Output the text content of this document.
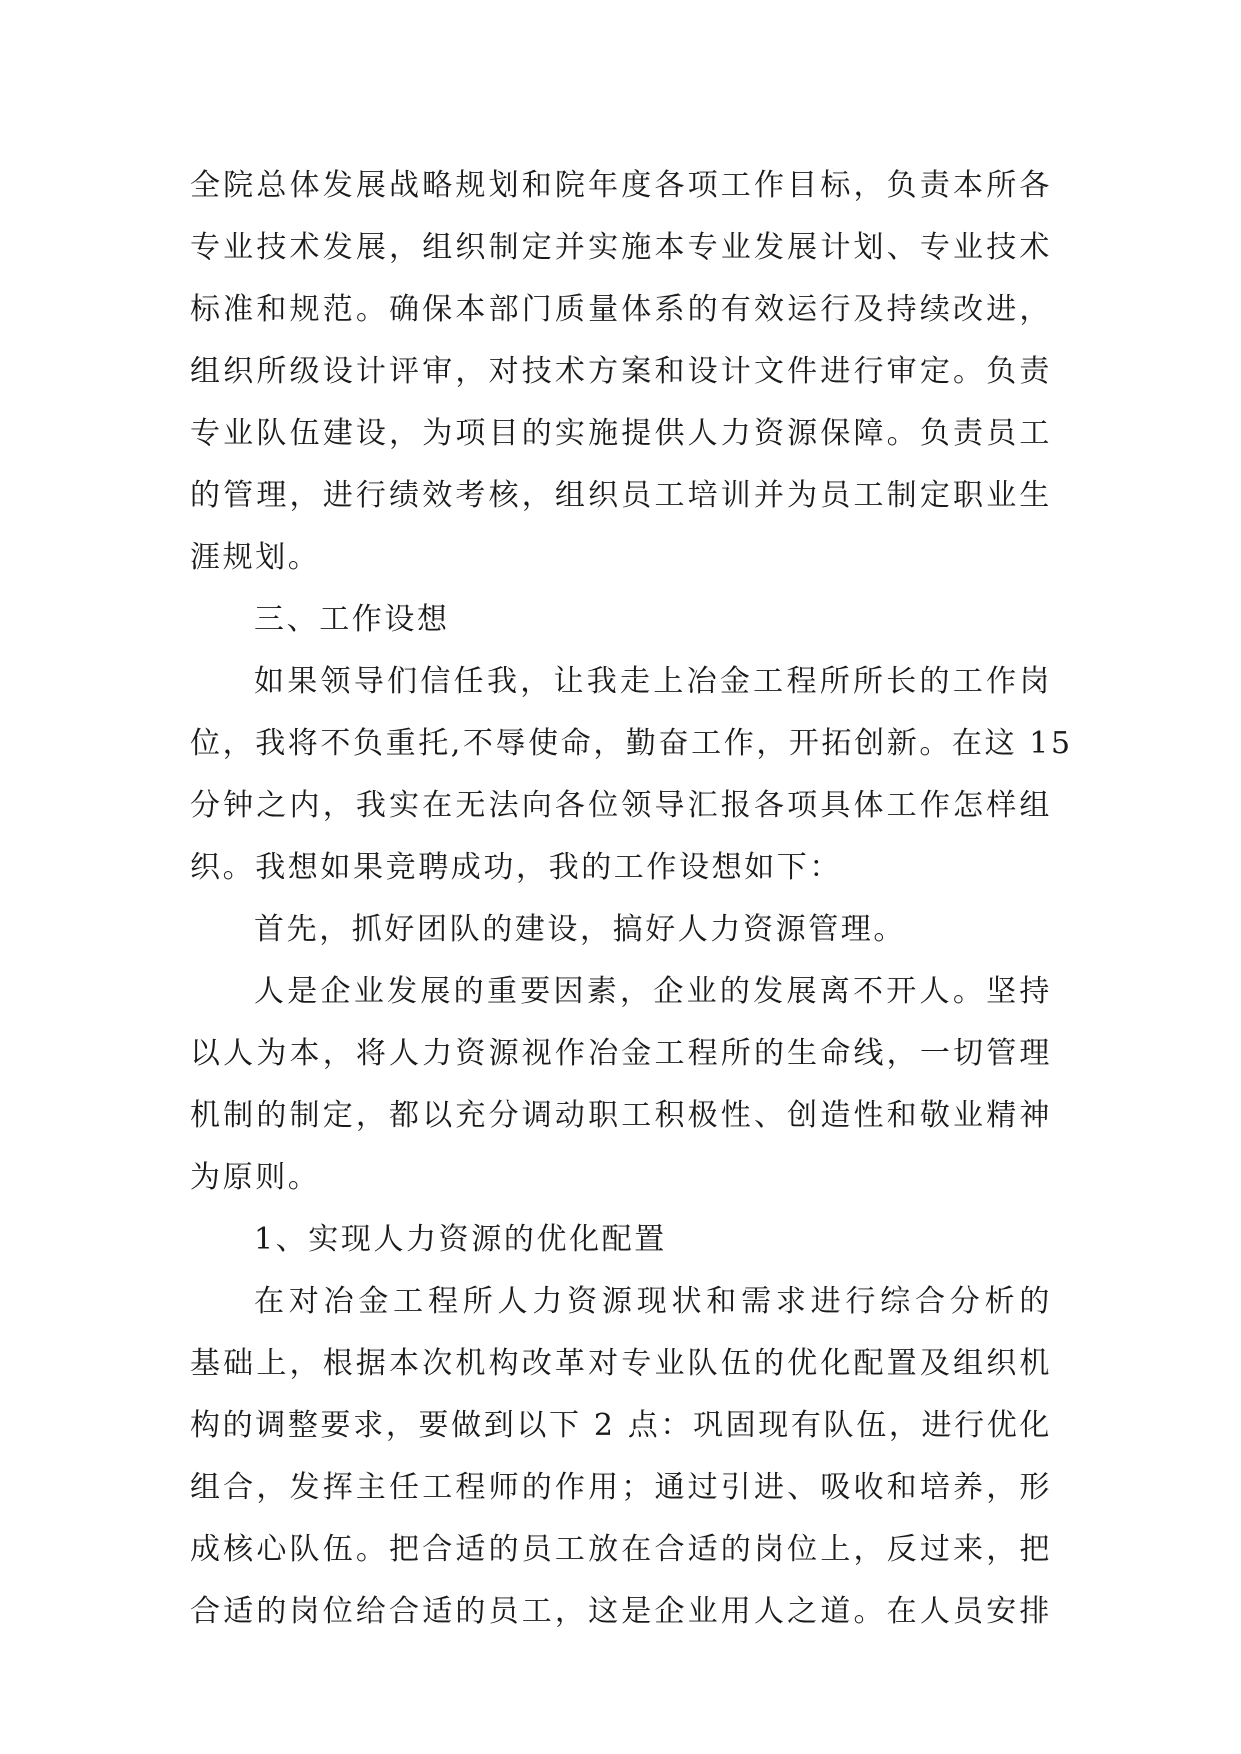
全院总体发展战略规划和院年度各项工作目标，负责本所各
专业技术发展，组织制定并实施本专业发展计划、专业技术
标准和规范。确保本部门质量体系的有效运行及持续改进，
组织所级设计评审，对技术方案和设计文件进行审定。负责
专业队伍建设，为项目的实施提供人力资源保障。负责员工
的管理，进行绩效考核，组织员工培训并为员工制定职业生
涯规划。
三、工作设想
如果领导们信任我，让我走上冶金工程所所长的工作岗
位，我将不负重托,不辱使命，勤奋工作，开拓创新。在这 15
分钟之内，我实在无法向各位领导汇报各项具体工作怎样组
织。我想如果竞聘成功，我的工作设想如下：
首先，抓好团队的建设，搞好人力资源管理。
人是企业发展的重要因素，企业的发展离不开人。坚持
以人为本，将人力资源视作冶金工程所的生命线，一切管理
机制的制定，都以充分调动职工积极性、创造性和敬业精神
为原则。
1、实现人力资源的优化配置
在对冶金工程所人力资源现状和需求进行综合分析的
基础上，根据本次机构改革对专业队伍的优化配置及组织机
构的调整要求，要做到以下 2 点：巩固现有队伍，进行优化
组合，发挥主任工程师的作用；通过引进、吸收和培养，形
成核心队伍。把合适的员工放在合适的岗位上，反过来，把
合适的岗位给合适的员工，这是企业用人之道。在人员安排
